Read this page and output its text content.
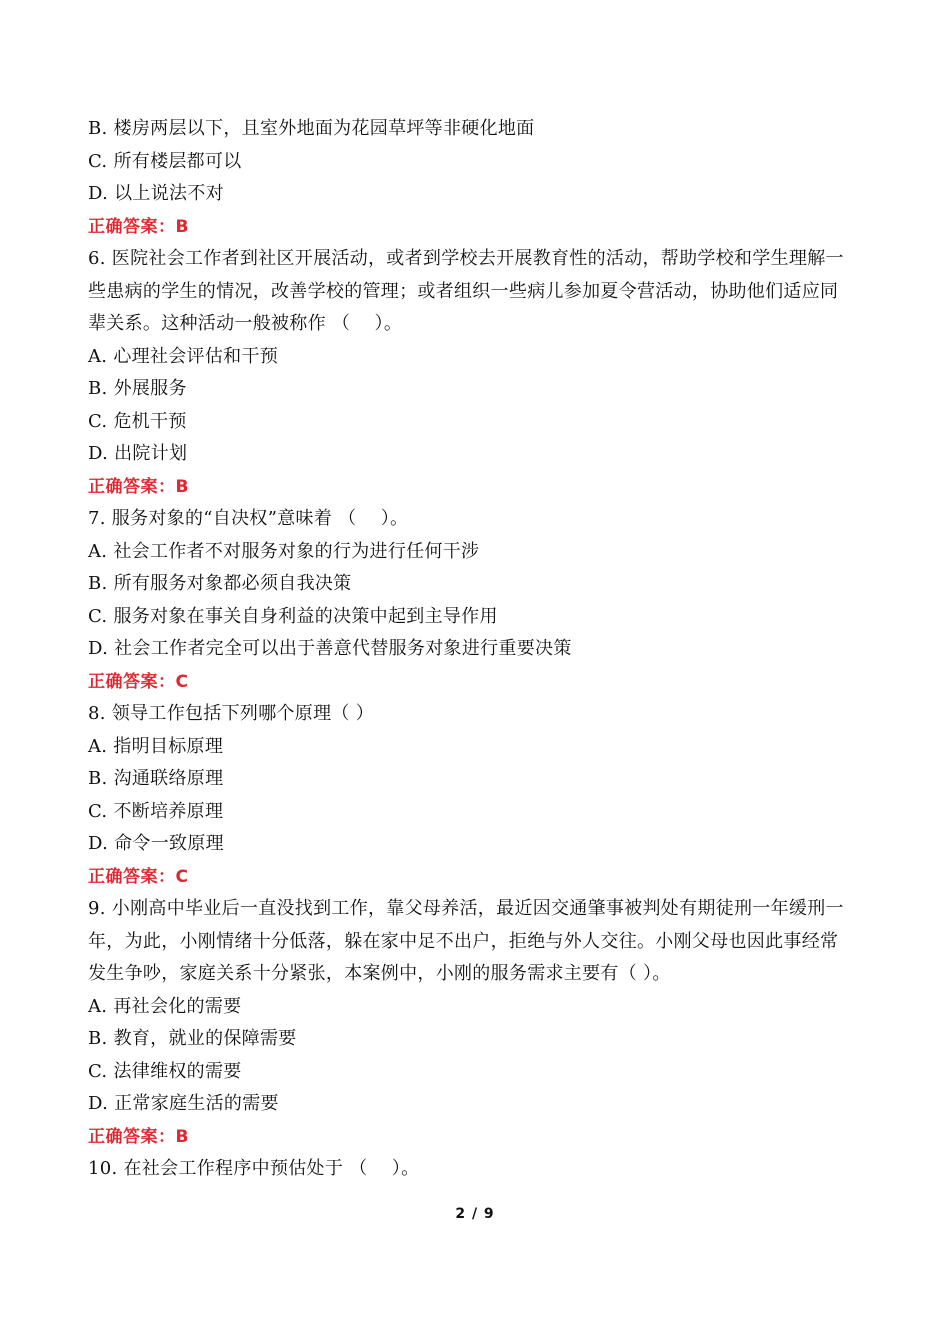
B. 楼房两层以下，且室外地面为花园草坪等非硬化地面
C. 所有楼层都可以
D. 以上说法不对
正确答案：B
6. 医院社会工作者到社区开展活动，或者到学校去开展教育性的活动，帮助学校和学生理解一
些患病的学生的情况，改善学校的管理；或者组织一些病儿参加夏令营活动，协助他们适应同
辈关系。这种活动一般被称作 （　 ）。
A. 心理社会评估和干预
B. 外展服务
C. 危机干预
D. 出院计划
正确答案：B
7. 服务对象的“自决权”意味着 （　 ）。
A. 社会工作者不对服务对象的行为进行任何干涉
B. 所有服务对象都必须自我决策
C. 服务对象在事关自身利益的决策中起到主导作用
D. 社会工作者完全可以出于善意代替服务对象进行重要决策
正确答案：C
8. 领导工作包括下列哪个原理（ ）
A. 指明目标原理
B. 沟通联络原理
C. 不断培养原理
D. 命令一致原理
正确答案：C
9. 小刚高中毕业后一直没找到工作，靠父母养活，最近因交通肇事被判处有期徒刑一年缓刑一
年，为此，小刚情绪十分低落，躲在家中足不出户，拒绝与外人交往。小刚父母也因此事经常
发生争吵，家庭关系十分紧张，本案例中，小刚的服务需求主要有（ ）。
A. 再社会化的需要
B. 教育，就业的保障需要
C. 法律维权的需要
D. 正常家庭生活的需要
正确答案：B
10. 在社会工作程序中预估处于 （　 ）。
2 / 9
